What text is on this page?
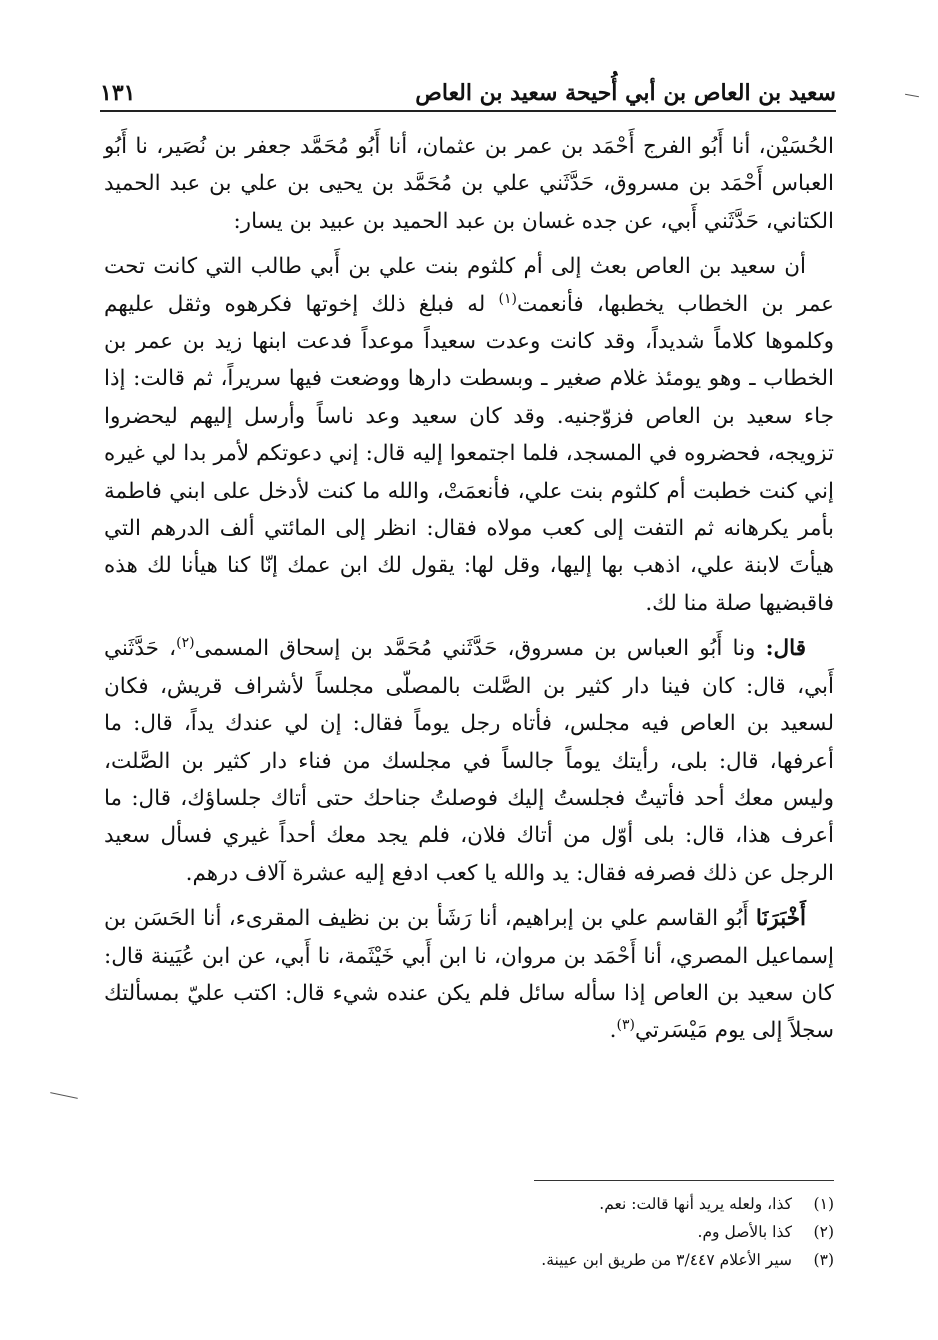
سعيد بن العاص بن أبي أُحيحة سعيد بن العاص
١٣١

الحُسَيْن، أنا أَبُو الفرج أَحْمَد بن عمر بن عثمان، أنا أَبُو مُحَمَّد جعفر بن نُصَير، نا أَبُو العباس أَحْمَد بن مسروق، حَدَّثَني علي بن مُحَمَّد بن يحيى بن علي بن عبد الحميد الكتاني، حَدَّثَني أَبي، عن جده غسان بن عبد الحميد بن عبيد بن يسار:

أن سعيد بن العاص بعث إلى أم كلثوم بنت علي بن أَبي طالب التي كانت تحت عمر بن الخطاب يخطبها، فأنعمت$^{(١)}$ له فبلغ ذلك إخوتها فكرهوه وثقل عليهم وكلموها كلاماً شديداً، وقد كانت وعدت سعيداً موعداً فدعت ابنها زيد بن عمر بن الخطاب ـ وهو يومئذ غلام صغير ـ وبسطت دارها ووضعت فيها سريراً، ثم قالت: إذا جاء سعيد بن العاص فزوّجنيه. وقد كان سعيد وعد ناساً وأرسل إليهم ليحضروا تزويجه، فحضروه في المسجد، فلما اجتمعوا إليه قال: إني دعوتكم لأمر بدا لي غيره إني كنت خطبت أم كلثوم بنت علي، فأنعمَتْ، والله ما كنت لأدخل على ابني فاطمة بأمر يكرهانه ثم التفت إلى كعب مولاه فقال: انظر إلى المائتي ألف الدرهم التي هيأتَ لابنة علي، اذهب بها إليها، وقل لها: يقول لك ابن عمك إنّا كنا هيأنا لك هذه فاقبضيها صلة منا لك.

قال: ونا أَبُو العباس بن مسروق، حَدَّثَني مُحَمَّد بن إسحاق المسمى$^{(٢)}$، حَدَّثَني أَبي، قال: كان فينا دار كثير بن الصَّلت بالمصلّى مجلساً لأشراف قريش، فكان لسعيد بن العاص فيه مجلس، فأتاه رجل يوماً فقال: إن لي عندك يداً، قال: ما أعرفها، قال: بلى، رأيتك يوماً جالساً في مجلسك من فناء دار كثير بن الصَّلت، وليس معك أحد فأتيتُ فجلستُ إليك فوصلتُ جناحك حتى أتاك جلساؤك، قال: ما أعرف هذا، قال: بلى أوّل من أتاك فلان، فلم يجد معك أحداً غيري فسأل سعيد الرجل عن ذلك فصرفه فقال: يد والله يا كعب ادفع إليه عشرة آلاف درهم.

أَخْبَرَنَا أَبُو القاسم علي بن إبراهيم، أنا رَشَأ بن بن نظيف المقرىء، أنا الحَسَن بن إسماعيل المصري، أنا أَحْمَد بن مروان، نا ابن أَبي خَيْثَمة، نا أَبي، عن ابن عُيَينة قال: كان سعيد بن العاص إذا سأله سائل فلم يكن عنده شيء قال: اكتب عليّ بمسألتك سجلاً إلى يوم مَيْسَرتي$^{(٣)}$.

(١)
كذا، ولعله يريد أنها قالت: نعم.
(٢)
كذا بالأصل وم.
(٣)
سير الأعلام ٣/٤٤٧ من طريق ابن عيينة.
